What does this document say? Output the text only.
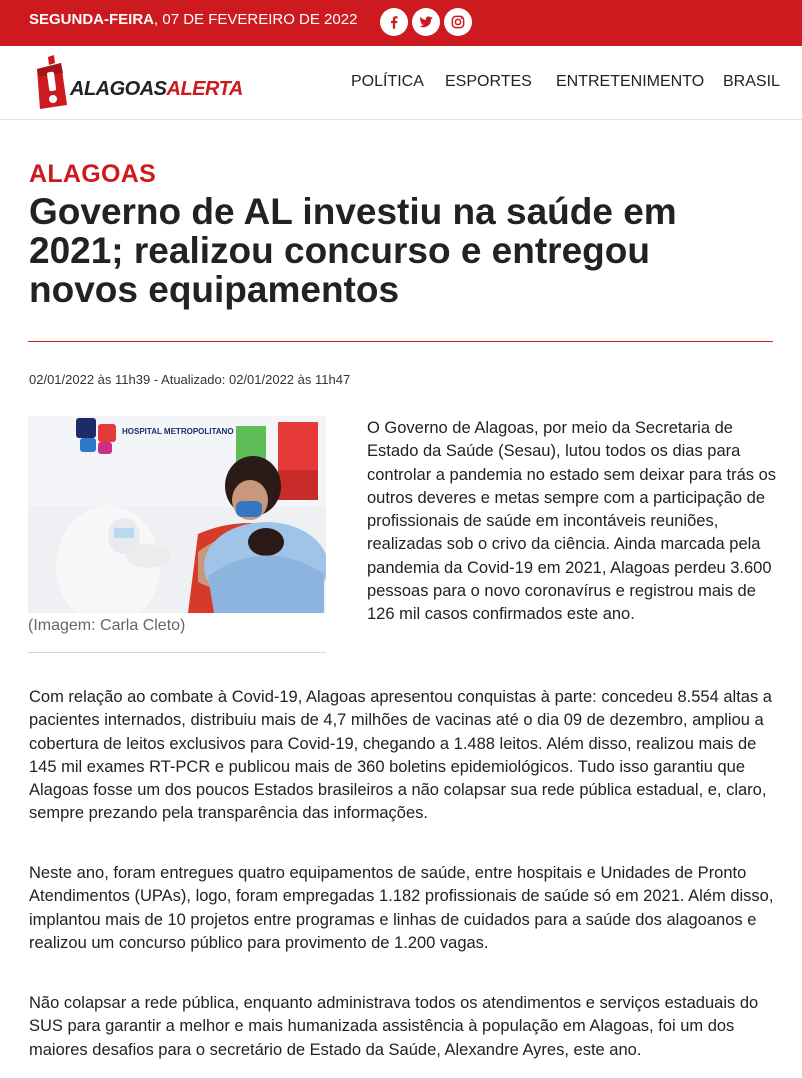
SEGUNDA-FEIRA, 07 DE FEVEREIRO DE 2022
ALAGOASALERTA	POLÍTICA ESPORTES ENTRETENIMENTO BRASIL
ALAGOAS
Governo de AL investiu na saúde em 2021; realizou concurso e entregou novos equipamentos
02/01/2022 às 11h39 - Atualizado: 02/01/2022 às 11h47
HOSPITAL METROPOLITANO
(Imagem: Carla Cleto)

O Governo de Alagoas, por meio da Secretaria de Estado da Saúde (Sesau), lutou todos os dias para controlar a pandemia no estado sem deixar para trás os outros deveres e metas sempre com a participação de profissionais de saúde em incontáveis reuniões, realizadas sob o crivo da ciência. Ainda marcada pela pandemia da Covid-19 em 2021, Alagoas perdeu 3.600 pessoas para o novo coronavírus e registrou mais de 126 mil casos confirmados este ano.

Com relação ao combate à Covid-19, Alagoas apresentou conquistas à parte: concedeu 8.554 altas a pacientes internados, distribuiu mais de 4,7 milhões de vacinas até o dia 09 de dezembro, ampliou a cobertura de leitos exclusivos para Covid-19, chegando a 1.488 leitos. Além disso, realizou mais de 145 mil exames RT-PCR e publicou mais de 360 boletins epidemiológicos. Tudo isso garantiu que Alagoas fosse um dos poucos Estados brasileiros a não colapsar sua rede pública estadual, e, claro, sempre prezando pela transparência das informações.

Neste ano, foram entregues quatro equipamentos de saúde, entre hospitais e Unidades de Pronto Atendimentos (UPAs), logo, foram empregadas 1.182 profissionais de saúde só em 2021. Além disso, implantou mais de 10 projetos entre programas e linhas de cuidados para a saúde dos alagoanos e realizou um concurso público para provimento de 1.200 vagas.

Não colapsar a rede pública, enquanto administrava todos os atendimentos e serviços estaduais do SUS para garantir a melhor e mais humanizada assistência à população em Alagoas, foi um dos maiores desafios para o secretário de Estado da Saúde, Alexandre Ayres, este ano.
